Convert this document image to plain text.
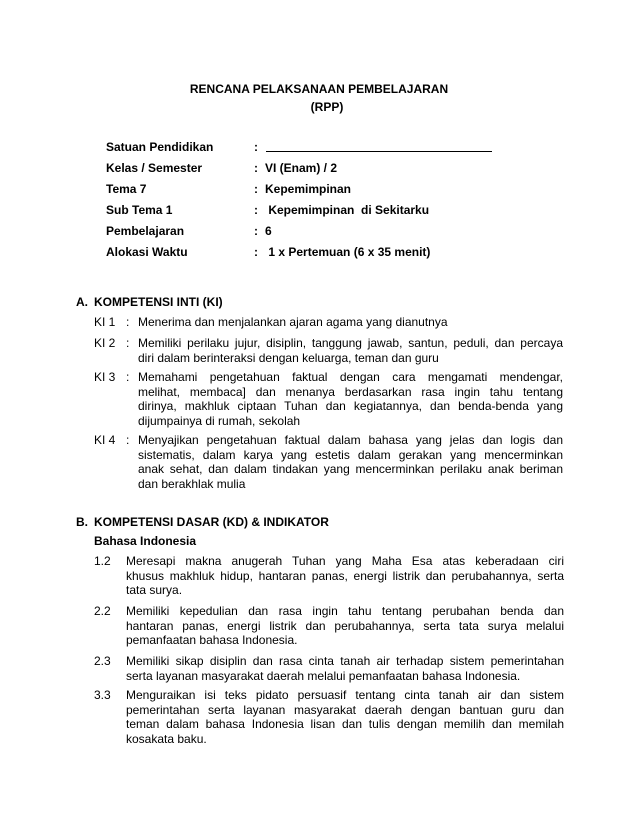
RENCANA PELAKSANAAN PEMBELAJARAN
(RPP)
Satuan Pendidikan	:
Kelas / Semester	: VI (Enam) / 2
Tema 7	: Kepemimpinan
Sub Tema 1	: Kepemimpinan  di Sekitarku
Pembelajaran	: 6
Alokasi Waktu	: 1 x Pertemuan (6 x 35 menit)
A. KOMPETENSI INTI (KI)
KI 1 : Menerima dan menjalankan ajaran agama yang dianutnya
KI 2 : Memiliki perilaku jujur, disiplin, tanggung jawab, santun, peduli, dan percaya
diri dalam berinteraksi dengan keluarga, teman dan guru
KI 3 : Memahami pengetahuan faktual dengan cara mengamati mendengar,
melihat, membaca] dan menanya berdasarkan rasa ingin tahu tentang
dirinya, makhluk ciptaan Tuhan dan kegiatannya, dan benda-benda yang
dijumpainya di rumah, sekolah
KI 4 : Menyajikan pengetahuan faktual dalam bahasa yang jelas dan logis dan
sistematis, dalam karya yang estetis dalam gerakan yang mencerminkan
anak sehat, dan dalam tindakan yang mencerminkan perilaku anak beriman
dan berakhlak mulia
B. KOMPETENSI DASAR (KD) & INDIKATOR
Bahasa Indonesia
1.2 Meresapi makna anugerah Tuhan yang Maha Esa atas keberadaan ciri
khusus makhluk hidup, hantaran panas, energi listrik dan perubahannya, serta
tata surya.
2.2 Memiliki kepedulian dan rasa ingin tahu tentang perubahan benda dan
hantaran panas, energi listrik dan perubahannya, serta tata surya melalui
pemanfaatan bahasa Indonesia.
2.3 Memiliki sikap disiplin dan rasa cinta tanah air terhadap sistem pemerintahan
serta layanan masyarakat daerah melalui pemanfaatan bahasa Indonesia.
3.3 Menguraikan isi teks pidato persuasif tentang cinta tanah air dan sistem
pemerintahan serta layanan masyarakat daerah dengan bantuan guru dan
teman dalam bahasa Indonesia lisan dan tulis dengan memilih dan memilah
kosakata baku.
